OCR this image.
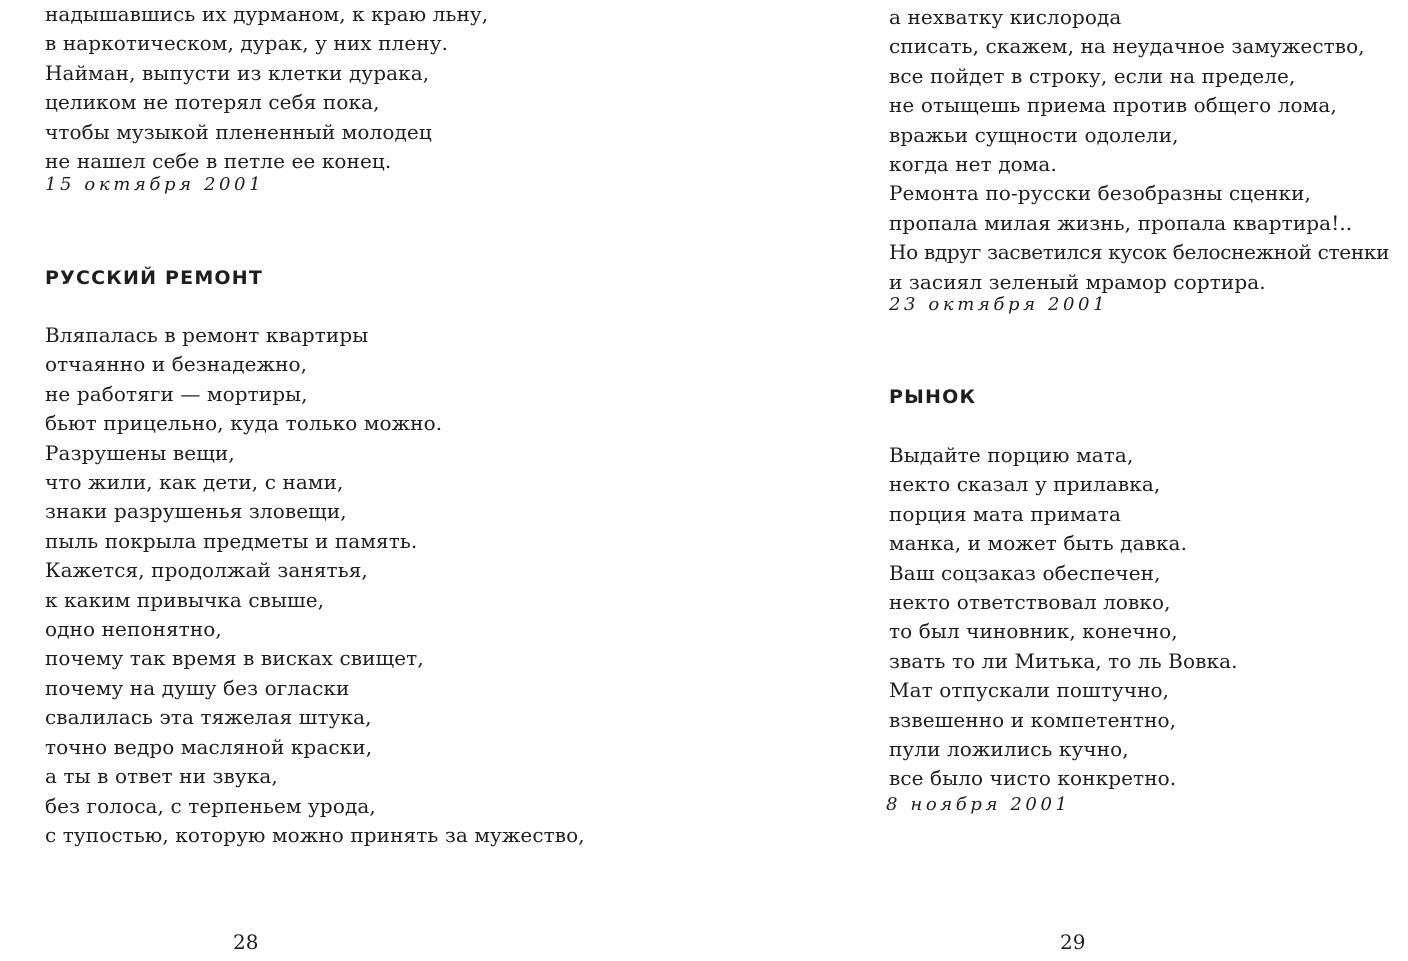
надышавшись их дурманом, к краю льну,
в наркотическом, дурак, у них плену.
Найман, выпусти из клетки дурака,
целиком не потерял себя пока,
чтобы музыкой плененный молодец
не нашел себе в петле ее конец.
15 октября 2001
РУССКИЙ РЕМОНТ
Вляпалась в ремонт квартиры
отчаянно и безнадежно,
не работяги — мортиры,
бьют прицельно, куда только можно.
Разрушены вещи,
что жили, как дети, с нами,
знаки разрушенья зловещи,
пыль покрыла предметы и память.
Кажется, продолжай занятья,
к каким привычка свыше,
одно непонятно,
почему так время в висках свищет,
почему на душу без огласки
свалилась эта тяжелая штука,
точно ведро масляной краски,
а ты в ответ ни звука,
без голоса, с терпеньем урода,
с тупостью, которую можно принять за мужество,
28
а нехватку кислорода
списать, скажем, на неудачное замужество,
все пойдет в строку, если на пределе,
не отыщешь приема против общего лома,
вражьи сущности одолели,
когда нет дома.
Ремонта по-русски безобразны сценки,
пропала милая жизнь, пропала квартира!..
Но вдруг засветился кусок белоснежной стенки
и засиял зеленый мрамор сортира.
23 октября 2001
РЫНОК
Выдайте порцию мата,
некто сказал у прилавка,
порция мата примата
манка, и может быть давка.
Ваш соцзаказ обеспечен,
некто ответствовал ловко,
то был чиновник, конечно,
звать то ли Митька, то ль Вовка.
Мат отпускали поштучно,
взвешенно и компетентно,
пули ложились кучно,
все было чисто конкретно.
8 ноября 2001
29
